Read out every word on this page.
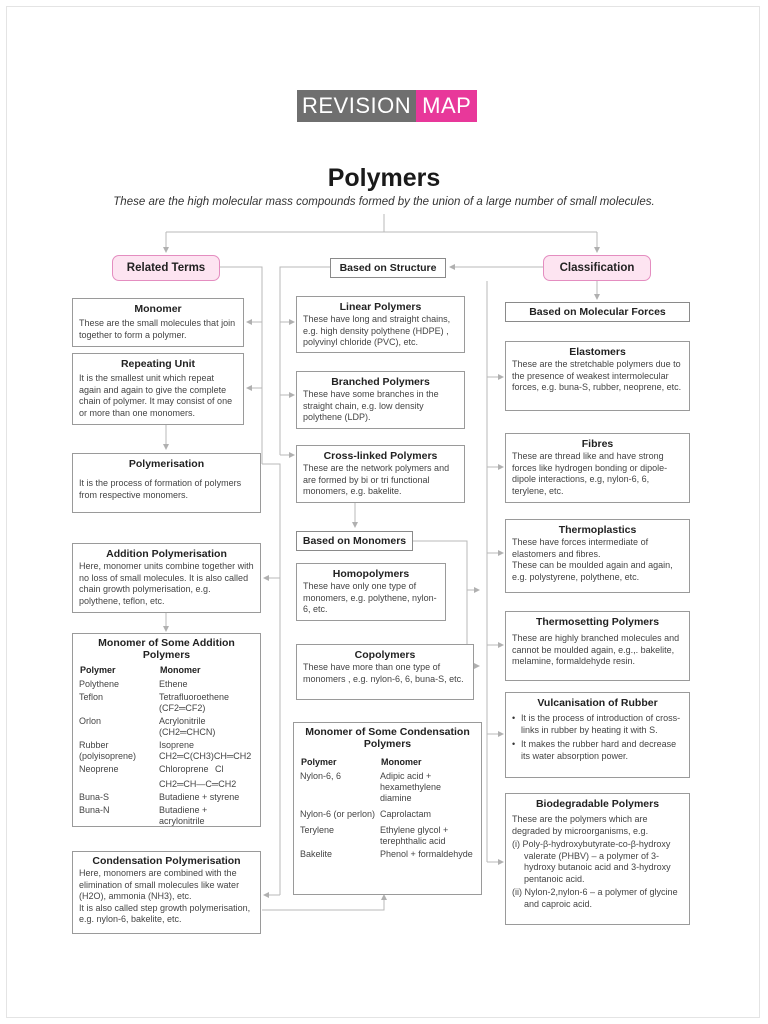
REVISION MAP
Polymers
These are the high molecular mass compounds formed by the union of a large number of small molecules.
Related Terms	Classification
Based on Structure
Based on Molecular Forces
Based on Monomers
Monomer
These are the small molecules that join together to form a polymer.
Repeating Unit
It is the smallest unit which repeat again and again to give the complete chain of polymer. It may consist of one or more than one monomers.
Polymerisation
It is the process of formation of polymers from respective monomers.
Addition Polymerisation
Here, monomer units combine together with no loss of small molecules. It is also called chain growth polymerisation, e.g. polythene, teflon, etc.
Monomer of Some Addition Polymers
Polymer	Monomer
Polythene	Ethene
Teflon	Tetrafluoroethene (CF2═CF2)
Orlon	Acrylonitrile (CH2═CHCN)
Rubber (polyisoprene)	Isoprene CH2═C(CH3)CH═CH2
Neoprene	Chloroprene Cl
CH2═CH—C═CH2

Buna-S	Butadiene + styrene
Buna-N	Butadiene + acrylonitrile
Condensation Polymerisation
Here, monomers are combined with the elimination of small molecules like water (H2O), ammonia (NH3), etc.
It is also called step growth polymerisation, e.g. nylon-6, bakelite, etc.
Linear Polymers
These have long and straight chains, e.g. high density polythene (HDPE) , polyvinyl chloride (PVC), etc.
Branched Polymers
These have some branches in the straight chain, e.g. low density polythene (LDP).
Cross-linked Polymers
These are the network polymers and are formed by bi or tri functional monomers, e.g. bakelite.
Homopolymers
These have only one type of monomers, e.g. polythene, nylon-6, etc.
Copolymers
These have more than one type of monomers , e.g. nylon-6, 6, buna-S, etc.
Monomer of Some Condensation Polymers
Polymer	Monomer
Nylon-6, 6	Adipic acid + hexamethylene diamine
Nylon-6 (or perlon)	Caprolactam
Terylene	Ethylene glycol + terephthalic acid
Bakelite	Phenol + formaldehyde
Elastomers
These are the stretchable polymers due to the presence of weakest intermolecular forces, e.g. buna-S, rubber, neoprene, etc.
Fibres
These are thread like and have strong forces like hydrogen bonding or dipole-dipole interactions, e.g, nylon-6, 6, terylene, etc.
Thermoplastics
These have forces intermediate of elastomers and fibres.
These can be moulded again and again, e.g. polystyrene, polythene, etc.
Thermosetting Polymers
These are highly branched molecules and cannot be moulded again, e.g.,. bakelite, melamine, formaldehyde resin.
Vulcanisation of Rubber
• It is the process of introduction of cross-links in rubber by heating it with S.
• It makes the rubber hard and decrease its water absorption power.
Biodegradable Polymers
These are the polymers which are degraded by microorganisms, e.g.
(i) Poly-β-hydroxybutyrate-co-β-hydroxy valerate (PHBV) – a polymer of 3-hydroxy butanoic acid and 3-hydroxy pentanoic acid.
(ii) Nylon-2,nylon-6 – a polymer of glycine and caproic acid.
